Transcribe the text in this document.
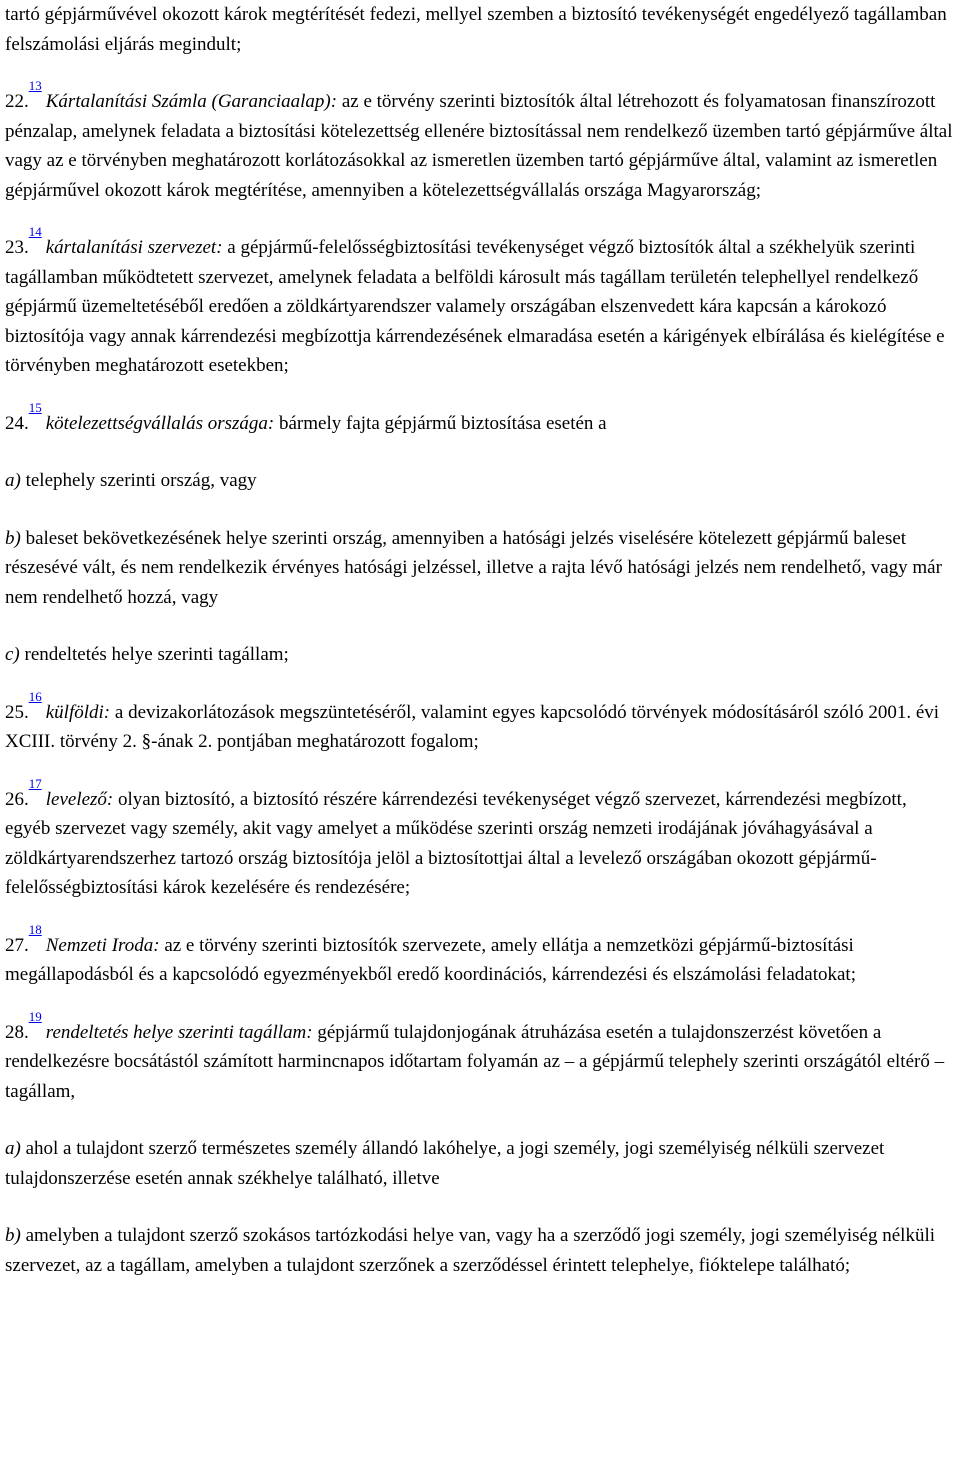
tartó gépjárművével okozott károk megtérítését fedezi, mellyel szemben a biztosító tevékenységét engedélyező tagállamban felszámolási eljárás megindult;

22.13Kártalanítási Számla (Garanciaalap): az e törvény szerinti biztosítók által létrehozott és folyamatosan finanszírozott pénzalap, amelynek feladata a biztosítási kötelezettség ellenére biztosítással nem rendelkező üzemben tartó gépjárműve által vagy az e törvényben meghatározott korlátozásokkal az ismeretlen üzemben tartó gépjárműve által, valamint az ismeretlen gépjárművel okozott károk megtérítése, amennyiben a kötelezettségvállalás országa Magyarország;

23.14kártalanítási szervezet: a gépjármű-felelősségbiztosítási tevékenységet végző biztosítók által a székhelyük szerinti tagállamban működtetett szervezet, amelynek feladata a belföldi károsult más tagállam területén telephellyel rendelkező gépjármű üzemeltetéséből eredően a zöldkártyarendszer valamely országában elszenvedett kára kapcsán a károkozó biztosítója vagy annak kárrendezési megbízottja kárrendezésének elmaradása esetén a kárigények elbírálása és kielégítése e törvényben meghatározott esetekben;

24.15kötelezettségvállalás országa: bármely fajta gépjármű biztosítása esetén a

a) telephely szerinti ország, vagy

b) baleset bekövetkezésének helye szerinti ország, amennyiben a hatósági jelzés viselésére kötelezett gépjármű baleset részesévé vált, és nem rendelkezik érvényes hatósági jelzéssel, illetve a rajta lévő hatósági jelzés nem rendelhető, vagy már nem rendelhető hozzá, vagy

c) rendeltetés helye szerinti tagállam;

25.16külföldi: a devizakorlátozások megszüntetéséről, valamint egyes kapcsolódó törvények módosításáról szóló 2001. évi XCIII. törvény 2. §-ának 2. pontjában meghatározott fogalom;

26.17levelező: olyan biztosító, a biztosító részére kárrendezési tevékenységet végző szervezet, kárrendezési megbízott, egyéb szervezet vagy személy, akit vagy amelyet a működése szerinti ország nemzeti irodájának jóváhagyásával a zöldkártyarendszerhez tartozó ország biztosítója jelöl a biztosítottjai által a levelező országában okozott gépjármű-felelősségbiztosítási károk kezelésére és rendezésére;

27.18Nemzeti Iroda: az e törvény szerinti biztosítók szervezete, amely ellátja a nemzetközi gépjármű-biztosítási megállapodásból és a kapcsolódó egyezményekből eredő koordinációs, kárrendezési és elszámolási feladatokat;

28.19rendeltetés helye szerinti tagállam: gépjármű tulajdonjogának átruházása esetén a tulajdonszerzést követően a rendelkezésre bocsátástól számított harmincnapos időtartam folyamán az – a gépjármű telephely szerinti országától eltérő – tagállam,

a) ahol a tulajdont szerző természetes személy állandó lakóhelye, a jogi személy, jogi személyiség nélküli szervezet tulajdonszerzése esetén annak székhelye található, illetve

b) amelyben a tulajdont szerző szokásos tartózkodási helye van, vagy ha a szerződő jogi személy, jogi személyiség nélküli szervezet, az a tagállam, amelyben a tulajdont szerzőnek a szerződéssel érintett telephelye, fióktelepe található;
